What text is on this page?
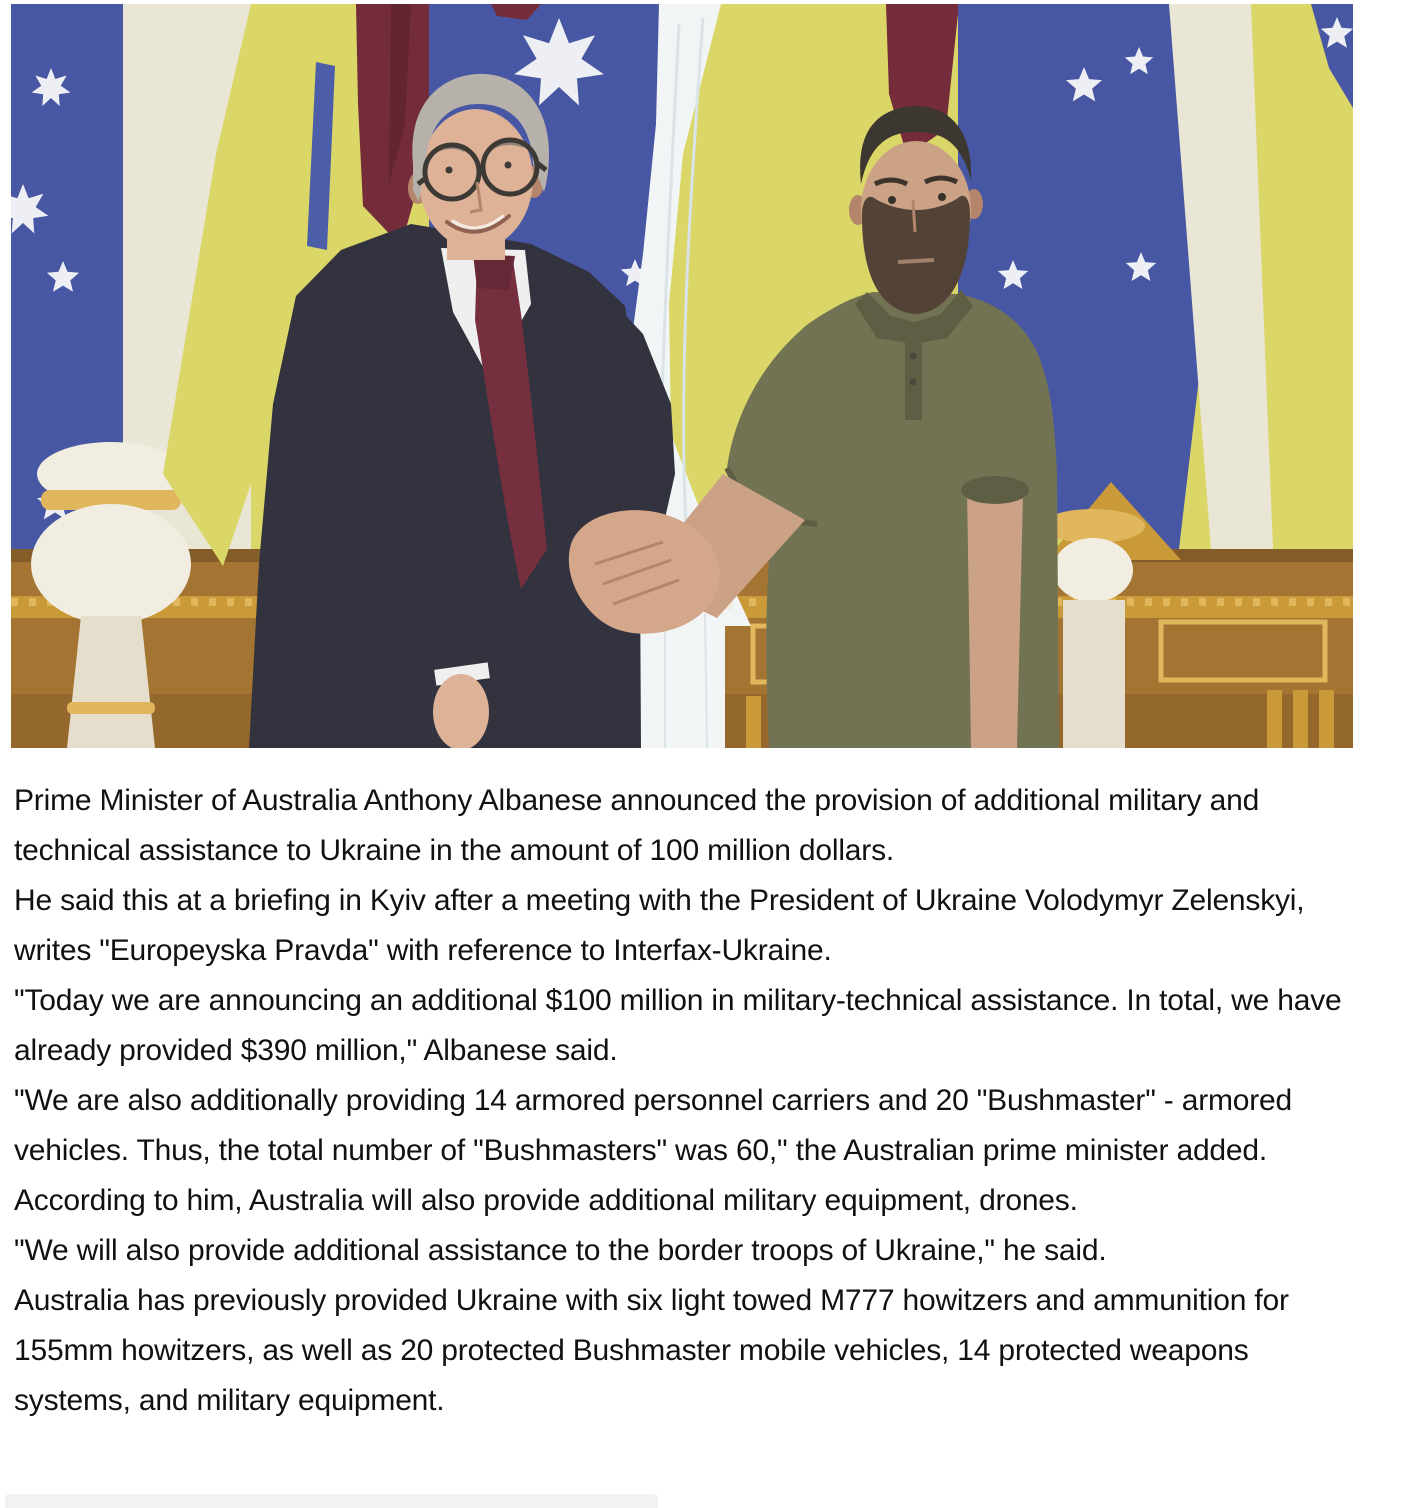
Prime Minister of Australia Anthony Albanese announced the provision of additional military and technical assistance to Ukraine in the amount of 100 million dollars.

He said this at a briefing in Kyiv after a meeting with the President of Ukraine Volodymyr Zelenskyi, writes "Europeyska Pravda" with reference to Interfax-Ukraine.

"Today we are announcing an additional $100 million in military-technical assistance. In total, we have already provided $390 million," Albanese said.

"We are also additionally providing 14 armored personnel carriers and 20 "Bushmaster" - armored vehicles. Thus, the total number of "Bushmasters" was 60," the Australian prime minister added.

According to him, Australia will also provide additional military equipment, drones.

"We will also provide additional assistance to the border troops of Ukraine," he said.

Australia has previously provided Ukraine with six light towed M777 howitzers and ammunition for 155mm howitzers, as well as 20 protected Bushmaster mobile vehicles, 14 protected weapons systems, and military equipment.
